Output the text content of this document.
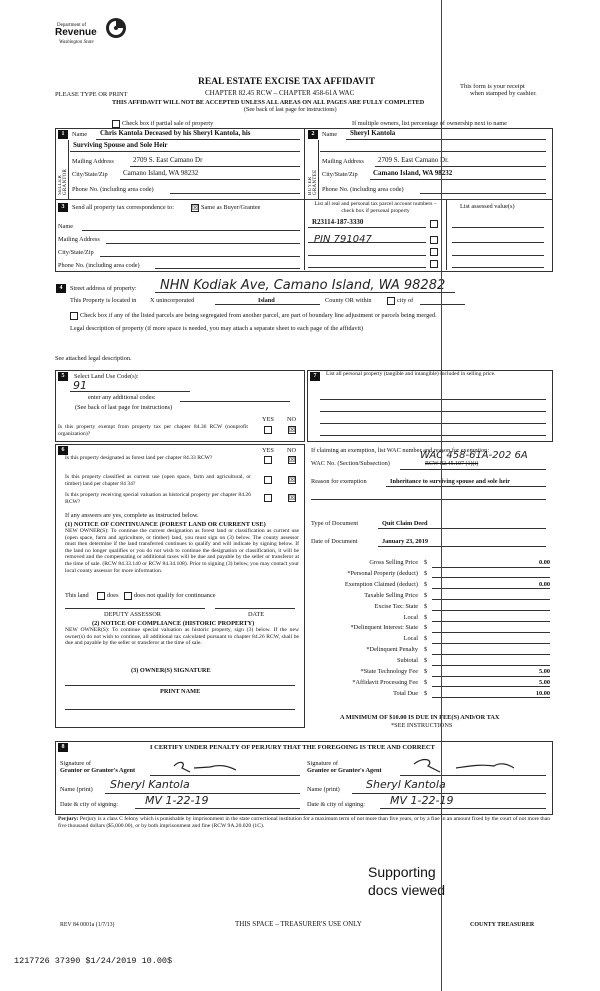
Department of
Revenue
Washington State
REAL ESTATE EXCISE TAX AFFIDAVIT
PLEASE TYPE OR PRINT	CHAPTER 82.45 RCW – CHAPTER 458-61A WAC
THIS AFFIDAVIT WILL NOT BE ACCEPTED UNLESS ALL AREAS ON ALL PAGES ARE FULLY COMPLETED
(See back of last page for instructions)
This form is your receipt
when stamped by cashier.
Check box if partial sale of property	If multiple owners, list percentage of ownership next to name
1	Name Chris Kantola Deceased by his Sheryl Kantola, his
Surviving Spouse and Sole Heir
SELLER GRANTOR
Mailing Address	2709 S. East Camano Dr
City/State/Zip Camano Island, WA 98232
Phone No. (including area code)
2	Name Sheryl Kantola
BUYER GRANTEE
Mailing Address 2709 S. East Camano Dr.
City/State/Zip Camano Island, WA 98232
Phone No. (including area code)
3	Send all property tax correspondence to:	☒ Same as Buyer/Grantee
Name
Mailing Address
City/State/Zip
Phone No. (including area code)
List all real and personal tax parcel account numbers – check box if personal property
List assessed value(s)
R23114-187-3330
PIN 791047
4	Street address of property: NHN Kodiak Ave, Camano Island, WA 98282
This Property is located in X unincorporated	Island	County OR within	city of
Check box if any of the listed parcels are being segregated from another parcel, are part of boundary line adjustment or parcels being merged.
Legal description of property (if more space is needed, you may attach a separate sheet to each page of the affidavit)
See attached legal description.
5	Select Land Use Code(s):
91
enter any additional codes:
(See back of last page for instructions)
YES NO
Is this property exempt from property tax per chapter 84.36 RCW (nonprofit organization)?	☒
7	List all personal property (tangible and intangible) included in selling price.
6	YES NO
Is this property designated as forest land per chapter 84.33 RCW?	☒
Is this property classified as current use (open space, farm and agricultural, or timber) land per chapter 84 34?	☒
Is this property receiving special valuation as historical property per chapter 84.26 RCW?	☒
If any answers are yes, complete as instructed below.
(1) NOTICE OF CONTINUANCE (FOREST LAND OR CURRENT USE)
NEW OWNER(S): To continue the current designation as forest land or classification as current use (open space, farm and agriculture, or timber) land, you must sign on (3) below. The county assessor must then determine if the land transferred continues to qualify and will indicate by signing below. If the land no longer qualifies or you do not wish to continue the designation or classification, it will be removed and the compensating or additional taxes will be due and payable by the seller or transferor at the time of sale. (RCW 84.33.140 or RCW 84.34.108). Prior to signing (3) below, you may contact your local county assessor for more information.
This land	does does not qualify for continuance
DEPUTY ASSESSOR	DATE
(2) NOTICE OF COMPLIANCE (HISTORIC PROPERTY)
NEW OWNER(S): To continue special valuation as historic property, sign (3) below. If the new owner(s) do not wish to continue, all additional tax calculated pursuant to chapter 84.26 RCW, shall be due and payable by the seller or transferor at the time of sale.
(3) OWNER(S) SIGNATURE
PRINT NAME
If claiming an exemption, list WAC number and reason for exemption:
WAC No. (Section/Subsection)	RCW 82.45.197 (1)(i)
WAC 458-61A-202 6A
Reason for exemption	Inheritance to surviving spouse and sole heir
Type of Document	Quit Claim Deed
Date of Document	January 23, 2019
Gross Selling Price $	0.00
*Personal Property (deduct) $
Exemption Claimed (deduct) $	0.00
Taxable Selling Price $
Excise Tax: State $
Local $
*Delinquent Interest: State $
Local $
*Delinquent Penalty $
Subtotal $
*State Technology Fee $	5.00
*Affidavit Processing Fee $	5.00
Total Due $	10.00
A MINIMUM OF $10.00 IS DUE IN FEE(S) AND/OR TAX
*SEE INSTRUCTIONS
8	I CERTIFY UNDER PENALTY OF PERJURY THAT THE FOREGOING IS TRUE AND CORRECT
Signature of
Grantor or Grantor's Agent
Name (print) Sheryl Kantola
Date & city of signing: MV 1-22-19
Signature of
Grantee or Grantee's Agent
Name (print) Sheryl Kantola
Date & city of signing: MV 1-22-19
Perjury: Perjury is a class C felony which is punishable by imprisonment in the state correctional institution for a maximum term of not more than five years, or by a fine in an amount fixed by the court of not more than five thousand dollars ($5,000.00), or by both imprisonment and fine (RCW 9A.20.020 (1C).
Supporting
docs viewed
REV 84 0001a (1/7/13)	THIS SPACE – TREASURER'S USE ONLY	COUNTY TREASURER
1217726 37390 $1/24/2019 10.00$
